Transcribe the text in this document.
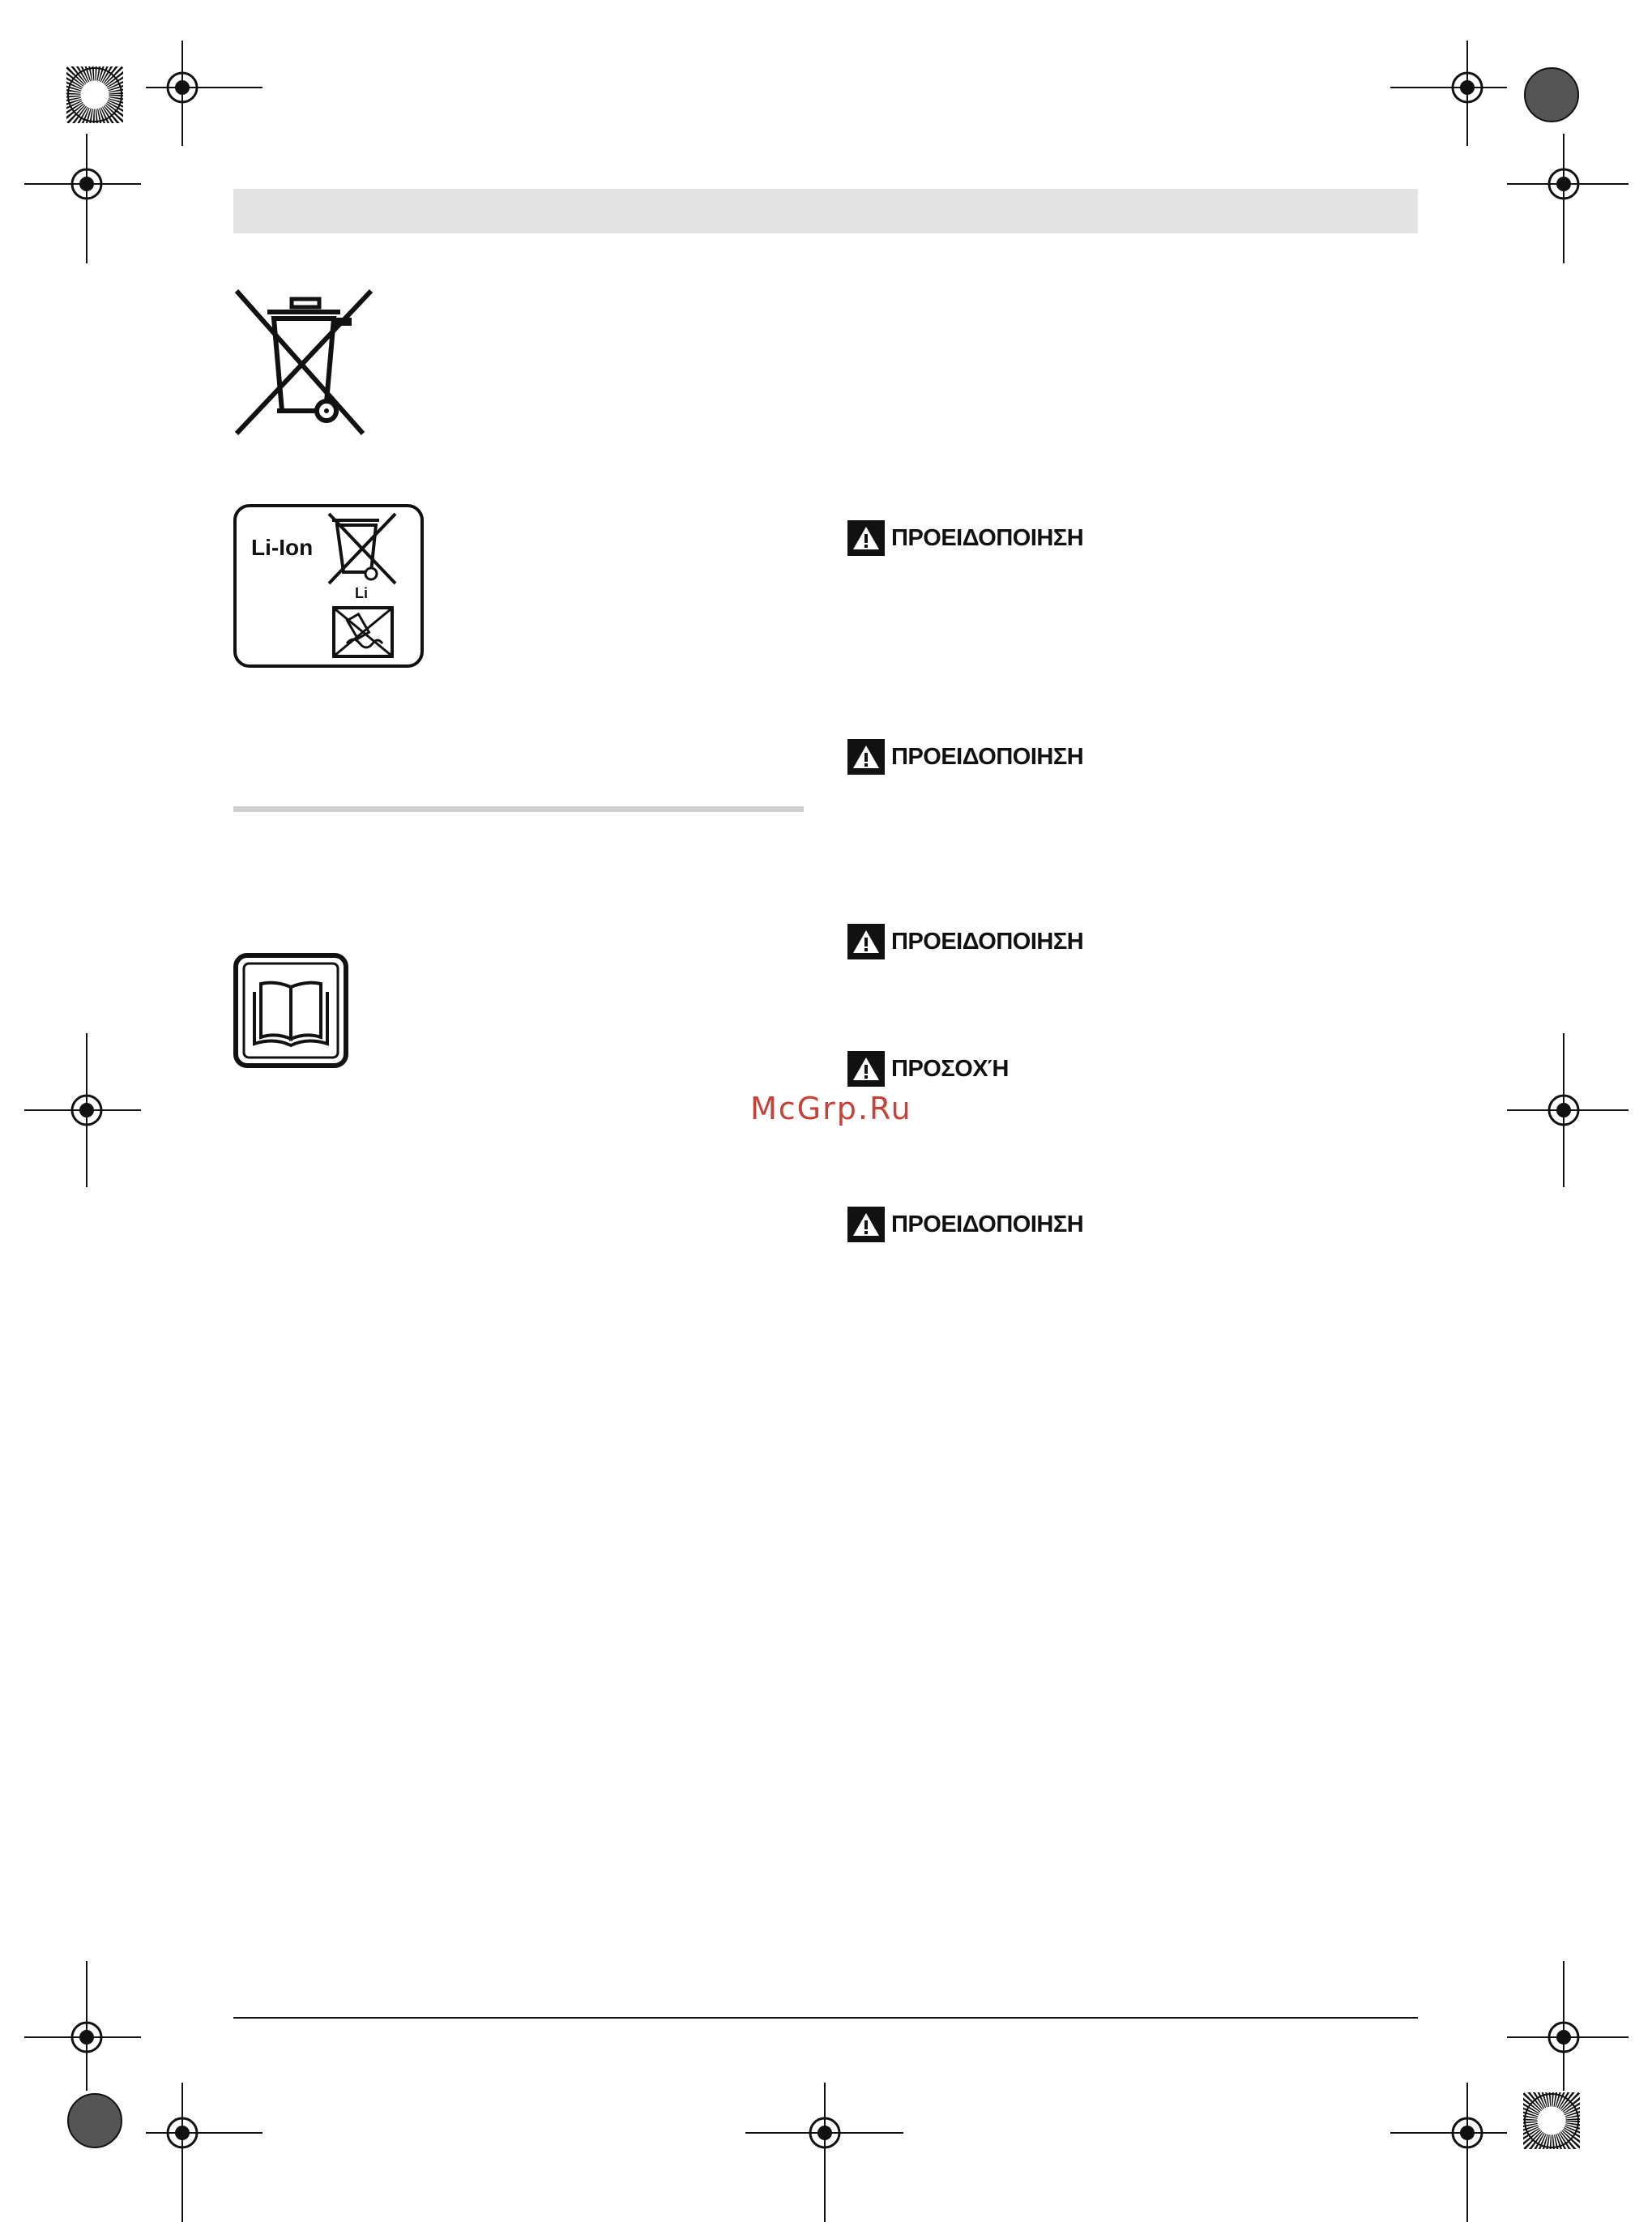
Li-Ion
Li
ΠΡΟΕΙΔΟΠΟΙΗΣΗ
ΠΡΟΕΙΔΟΠΟΙΗΣΗ
ΠΡΟΕΙΔΟΠΟΙΗΣΗ
ΠΡΟΣΟΧΉ
ΠΡΟΕΙΔΟΠΟΙΗΣΗ
McGrp.Ru
